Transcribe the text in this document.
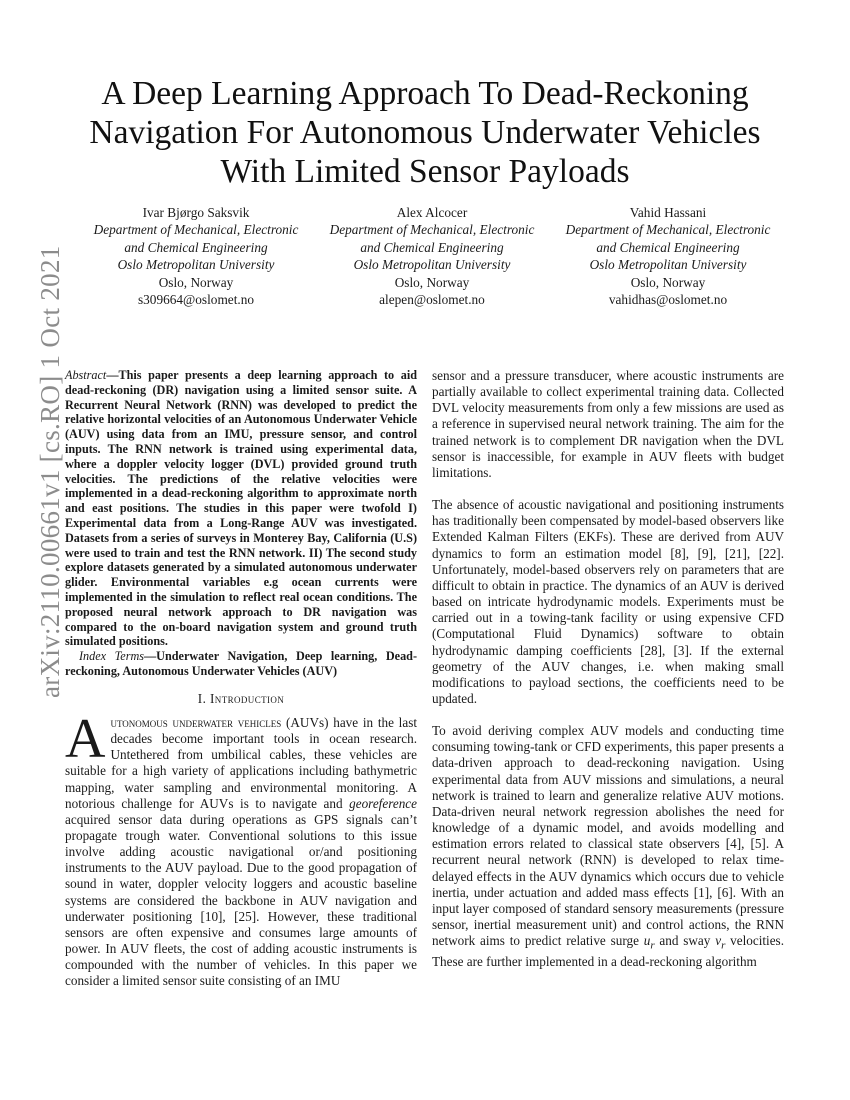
arXiv:2110.00661v1 [cs.RO] 1 Oct 2021
A Deep Learning Approach To Dead-Reckoning
Navigation For Autonomous Underwater Vehicles
With Limited Sensor Payloads
Ivar Bjørgo Saksvik
Department of Mechanical, Electronic
and Chemical Engineering
Oslo Metropolitan University
Oslo, Norway
s309664@oslomet.no
Alex Alcocer
Department of Mechanical, Electronic
and Chemical Engineering
Oslo Metropolitan University
Oslo, Norway
alepen@oslomet.no
Vahid Hassani
Department of Mechanical, Electronic
and Chemical Engineering
Oslo Metropolitan University
Oslo, Norway
vahidhas@oslomet.no

Abstract—This paper presents a deep learning approach to aid dead-reckoning (DR) navigation using a limited sensor suite. A Recurrent Neural Network (RNN) was developed to predict the relative horizontal velocities of an Autonomous Underwater Vehicle (AUV) using data from an IMU, pressure sensor, and control inputs. The RNN network is trained using experimental data, where a doppler velocity logger (DVL) provided ground truth velocities. The predictions of the relative velocities were implemented in a dead-reckoning algorithm to approximate north and east positions. The studies in this paper were twofold I) Experimental data from a Long-Range AUV was investigated. Datasets from a series of surveys in Monterey Bay, California (U.S) were used to train and test the RNN network. II) The second study explore datasets generated by a simulated autonomous underwater glider. Environmental variables e.g ocean currents were implemented in the simulation to reflect real ocean conditions. The proposed neural network approach to DR navigation was compared to the on-board navigation system and ground truth simulated positions.

Index Terms—Underwater Navigation, Deep learning, Dead-reckoning, Autonomous Underwater Vehicles (AUV)

I. Introduction

Autonomous underwater vehicles (AUVs) have in the last decades become important tools in ocean research. Untethered from umbilical cables, these vehicles are suitable for a high variety of applications including bathymetric mapping, water sampling and environmental monitoring. A notorious challenge for AUVs is to navigate and georeference acquired sensor data during operations as GPS signals can’t propagate trough water. Conventional solutions to this issue involve adding acoustic navigational or/and positioning instruments to the AUV payload. Due to the good propagation of sound in water, doppler velocity loggers and acoustic baseline systems are considered the backbone in AUV navigation and underwater positioning [10], [25]. However, these traditional sensors are often expensive and consumes large amounts of power. In AUV fleets, the cost of adding acoustic instruments is compounded with the number of vehicles. In this paper we consider a limited sensor suite consisting of an IMU

sensor and a pressure transducer, where acoustic instruments are partially available to collect experimental training data. Collected DVL velocity measurements from only a few missions are used as a reference in supervised neural network training. The aim for the trained network is to complement DR navigation when the DVL sensor is inaccessible, for example in AUV fleets with budget limitations.

The absence of acoustic navigational and positioning instruments has traditionally been compensated by model-based observers like Extended Kalman Filters (EKFs). These are derived from AUV dynamics to form an estimation model [8], [9], [21], [22]. Unfortunately, model-based observers rely on parameters that are difficult to obtain in practice. The dynamics of an AUV is derived based on intricate hydrodynamic models. Experiments must be carried out in a towing-tank facility or using expensive CFD (Computational Fluid Dynamics) software to obtain hydrodynamic damping coefficients [28], [3]. If the external geometry of the AUV changes, i.e. when making small modifications to payload sections, the coefficients need to be updated.

To avoid deriving complex AUV models and conducting time consuming towing-tank or CFD experiments, this paper presents a data-driven approach to dead-reckoning navigation. Using experimental data from AUV missions and simulations, a neural network is trained to learn and generalize relative AUV motions. Data-driven neural network regression abolishes the need for knowledge of a dynamic model, and avoids modelling and estimation errors related to classical state observers [4], [5]. A recurrent neural network (RNN) is developed to relax time-delayed effects in the AUV dynamics which occurs due to vehicle inertia, under actuation and added mass effects [1], [6]. With an input layer composed of standard sensory measurements (pressure sensor, inertial measurement unit) and control actions, the RNN network aims to predict relative surge $u_r$ and sway $v_r$ velocities. These are further implemented in a dead-reckoning algorithm
